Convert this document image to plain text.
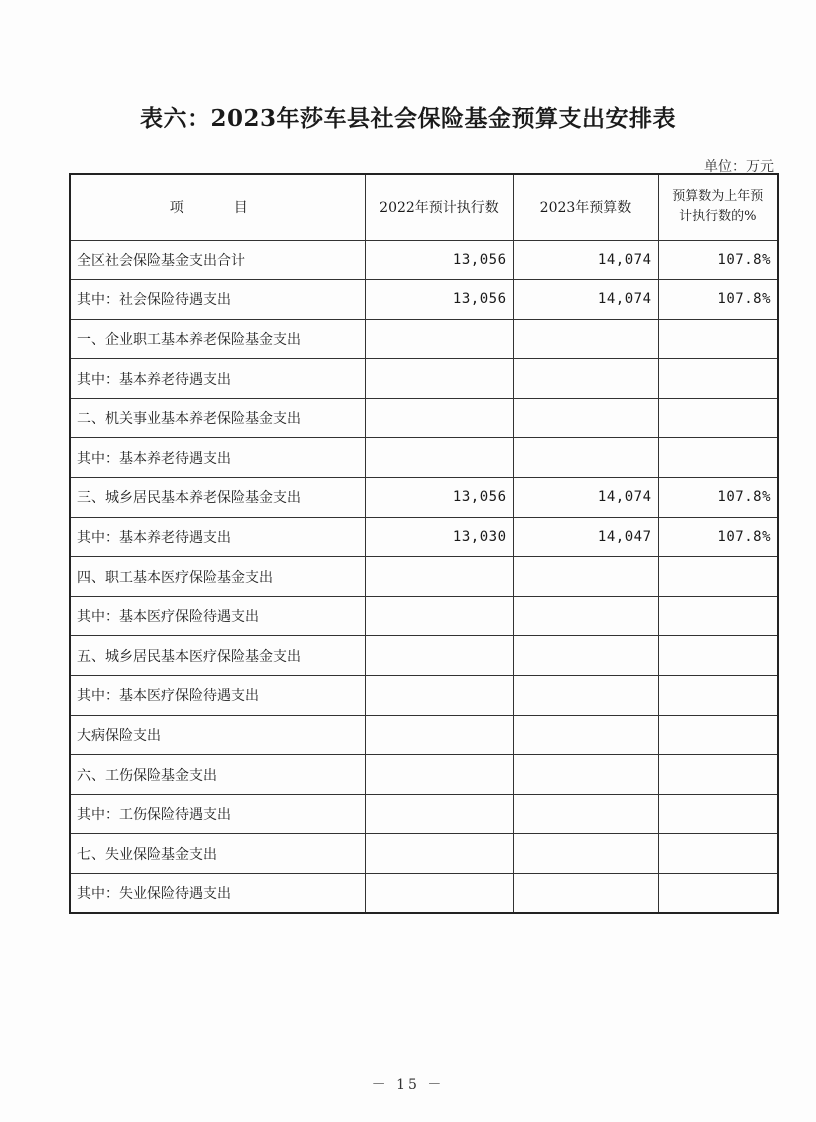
表六：2023年莎车县社会保险基金预算支出安排表
单位：万元
项　目	2022年预计执行数	2023年预算数	预算数为上年预计执行数的%
全区社会保险基金支出合计	13,056	14,074	107.8%
其中：社会保险待遇支出	13,056	14,074	107.8%
一、企业职工基本养老保险基金支出			
其中：基本养老待遇支出			
二、机关事业基本养老保险基金支出			
其中：基本养老待遇支出			
三、城乡居民基本养老保险基金支出	13,056	14,074	107.8%
其中：基本养老待遇支出	13,030	14,047	107.8%
四、职工基本医疗保险基金支出			
其中：基本医疗保险待遇支出			
五、城乡居民基本医疗保险基金支出			
其中：基本医疗保险待遇支出			
大病保险支出			
六、工伤保险基金支出			
其中：工伤保险待遇支出			
七、失业保险基金支出			
其中：失业保险待遇支出			
－ 15 －
